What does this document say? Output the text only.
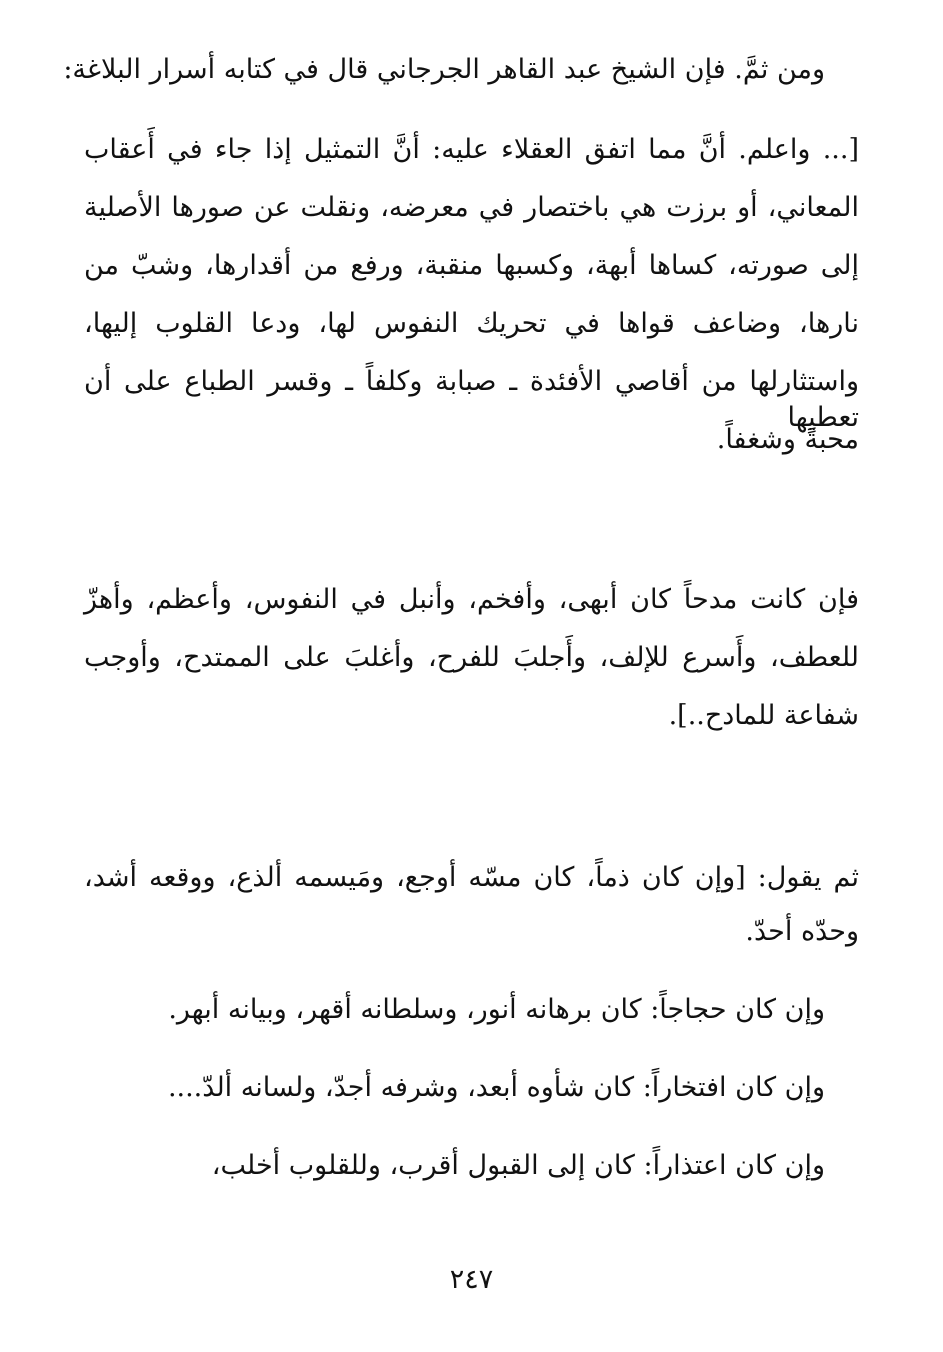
ومن ثمَّ. فإن الشيخ عبد القاهر الجرجاني قال في كتابه أسرار البلاغة:
[... واعلم. أنَّ مما اتفق العقلاء عليه: أنَّ التمثيل إذا جاء في أَعقاب
المعاني، أو برزت هي باختصار في معرضه، ونقلت عن صورها الأصلية
إلى صورته، كساها أبهة، وكسبها منقبة، ورفع من أقدارها، وشبّ من
نارها، وضاعف قواها في تحريك النفوس لها، ودعا القلوب إليها،
واستثارلها من أقاصي الأفئدة ـ صبابة وكلفاً ـ وقسر الطباع على أن تعطيها
محبةً وشغفاً.
فإن كانت مدحاً كان أبهى، وأفخم، وأنبل في النفوس، وأعظم، وأهزّ
للعطف، وأَسرع للإلف، وأَجلبَ للفرح، وأغلبَ على الممتدح، وأوجب
شفاعة للمادح..].
ثم يقول: [وإن كان ذماً، كان مسّه أوجع، ومَيسمه ألذع، ووقعه أشد،
وحدّه أحدّ.
وإن كان حجاجاً: كان برهانه أنور، وسلطانه أقهر، وبيانه أبهر.
وإن كان افتخاراً: كان شأوه أبعد، وشرفه أجدّ، ولسانه ألدّ....
وإن كان اعتذاراً: كان إلى القبول أقرب، وللقلوب أخلب،
٢٤٧
